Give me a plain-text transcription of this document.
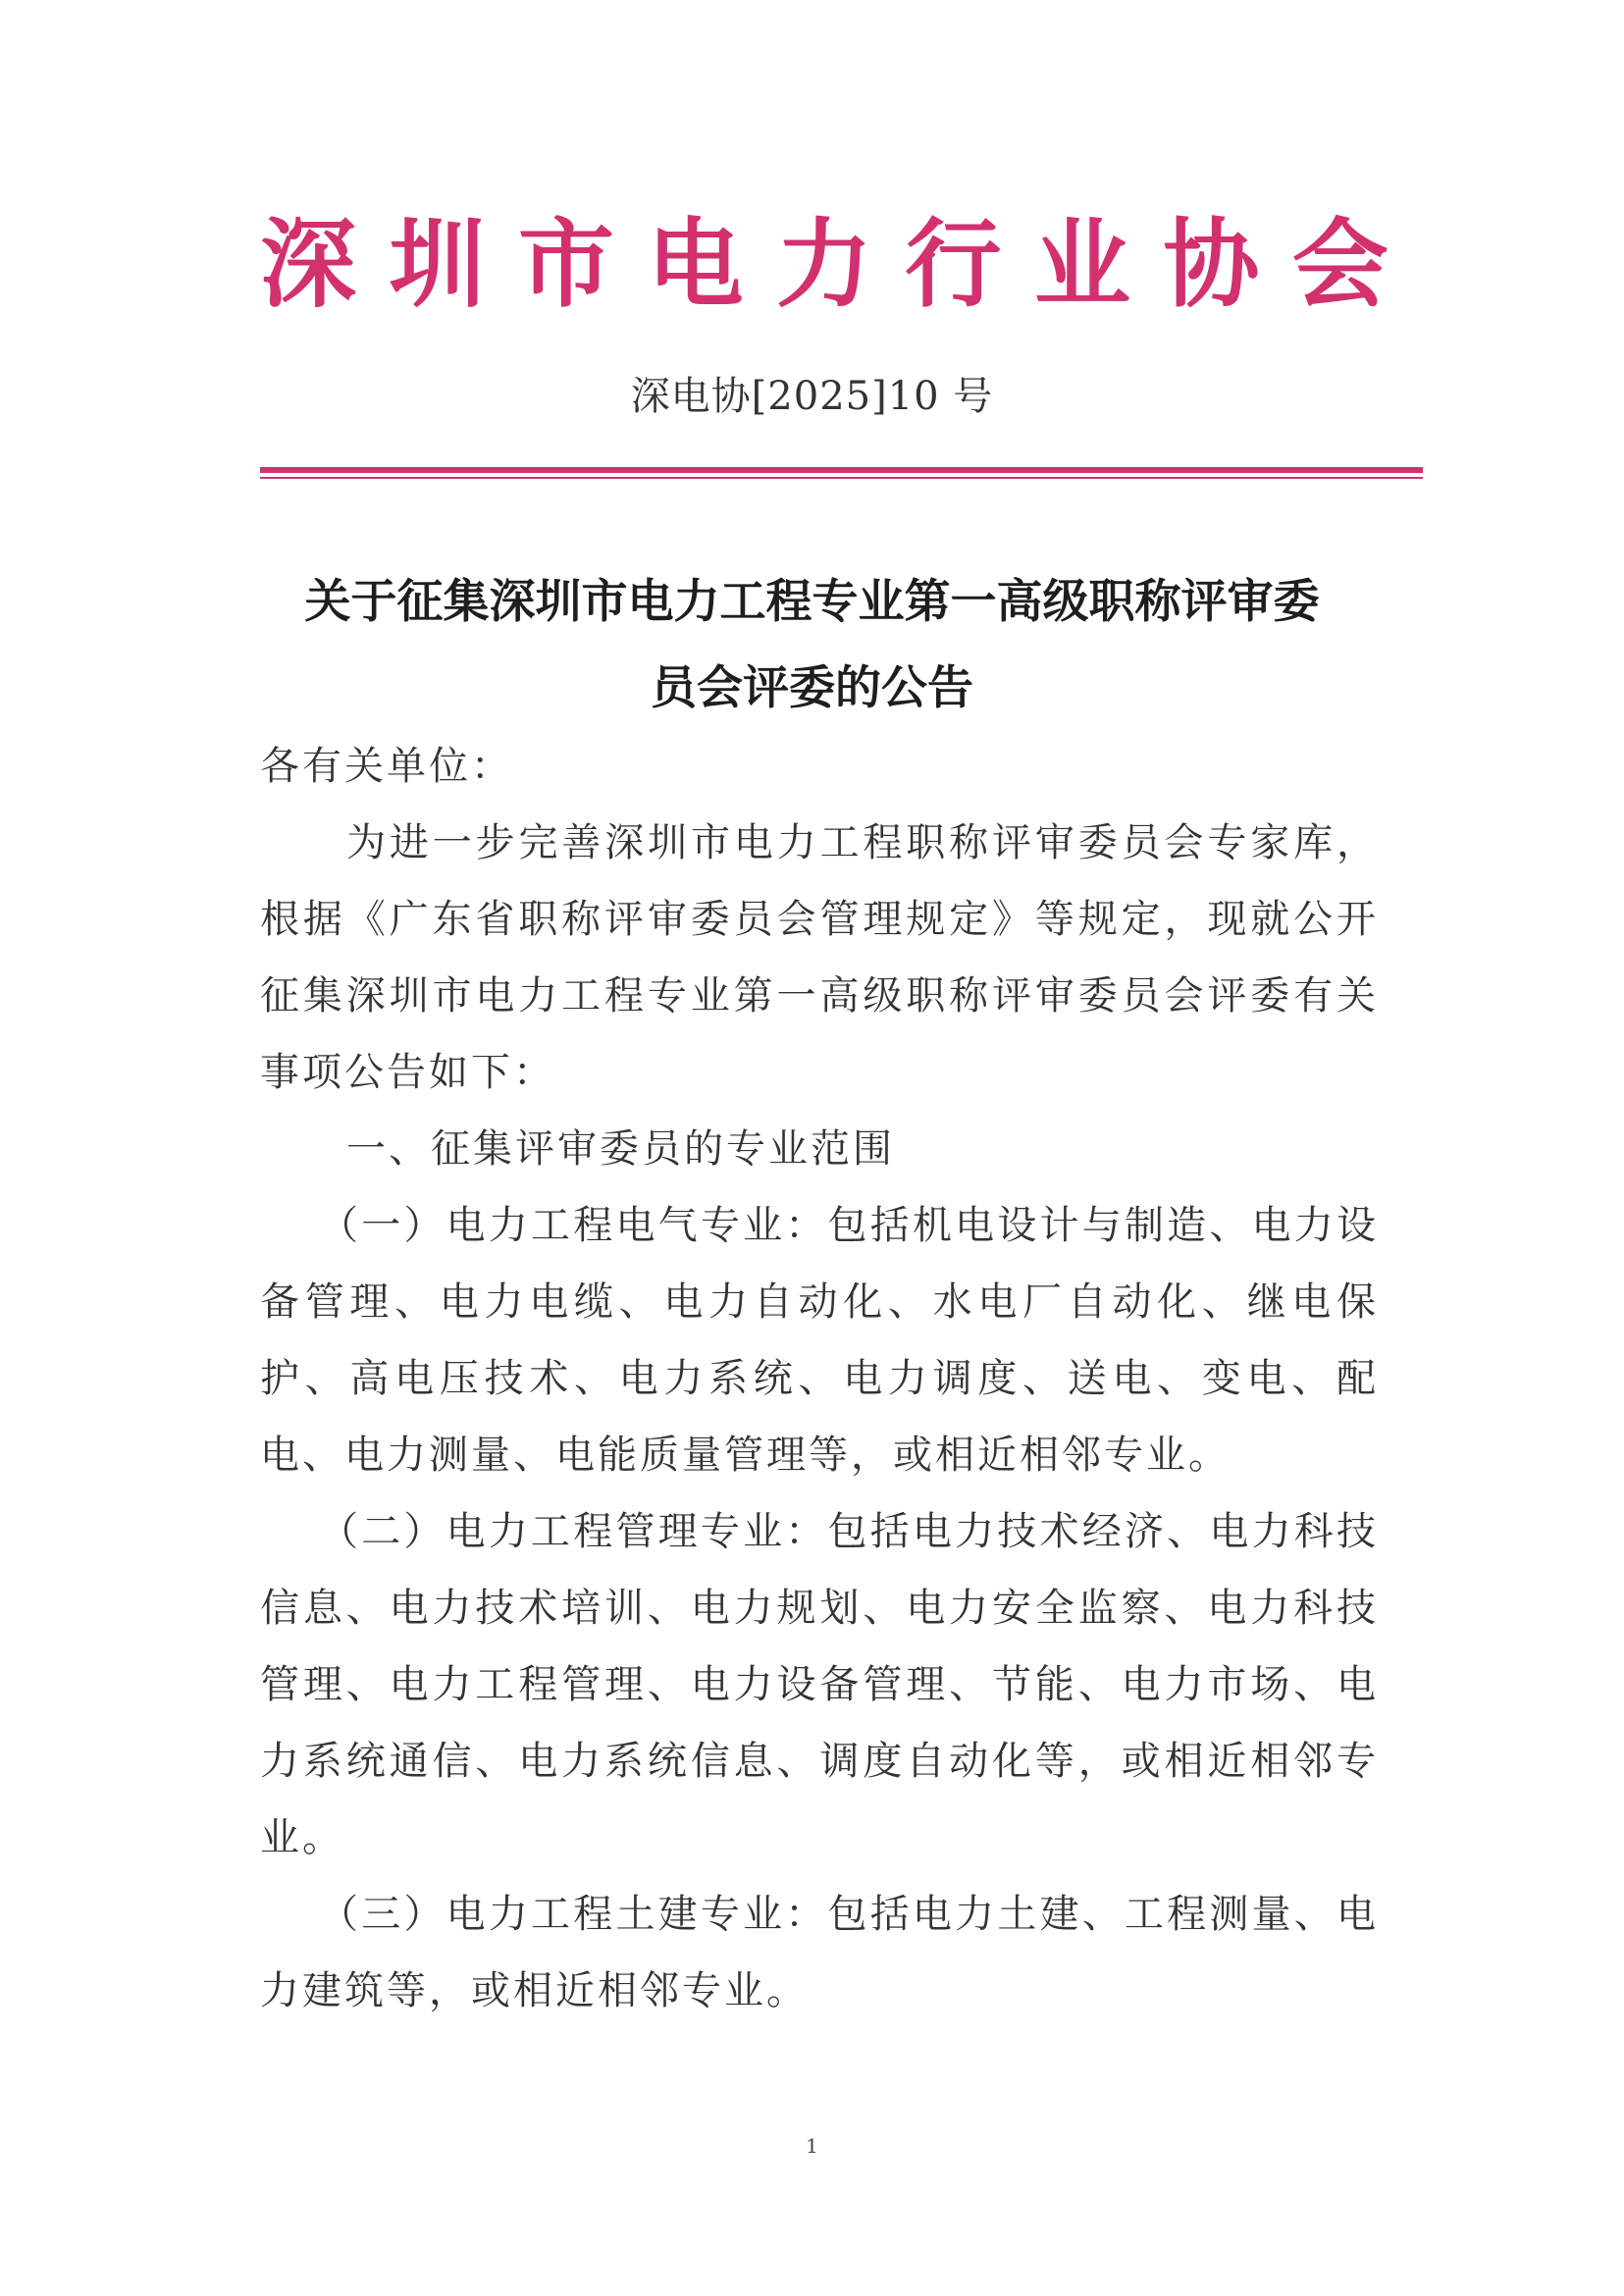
深 圳 市 电 力 行 业 协 会
深电协[2025]10 号
关于征集深圳市电力工程专业第一高级职称评审委
员会评委的公告

各有关单位：

为进一步完善深圳市电力工程职称评审委员会专家库，根据《广东省职称评审委员会管理规定》等规定，现就公开征集深圳市电力工程专业第一高级职称评审委员会评委有关事项公告如下：

一、征集评审委员的专业范围

（一）电力工程电气专业：包括机电设计与制造、电力设备管理、电力电缆、电力自动化、水电厂自动化、继电保护、高电压技术、电力系统、电力调度、送电、变电、配电、电力测量、电能质量管理等，或相近相邻专业。

（二）电力工程管理专业：包括电力技术经济、电力科技信息、电力技术培训、电力规划、电力安全监察、电力科技管理、电力工程管理、电力设备管理、节能、电力市场、电力系统通信、电力系统信息、调度自动化等，或相近相邻专业。

（三）电力工程土建专业：包括电力土建、工程测量、电力建筑等，或相近相邻专业。

1
